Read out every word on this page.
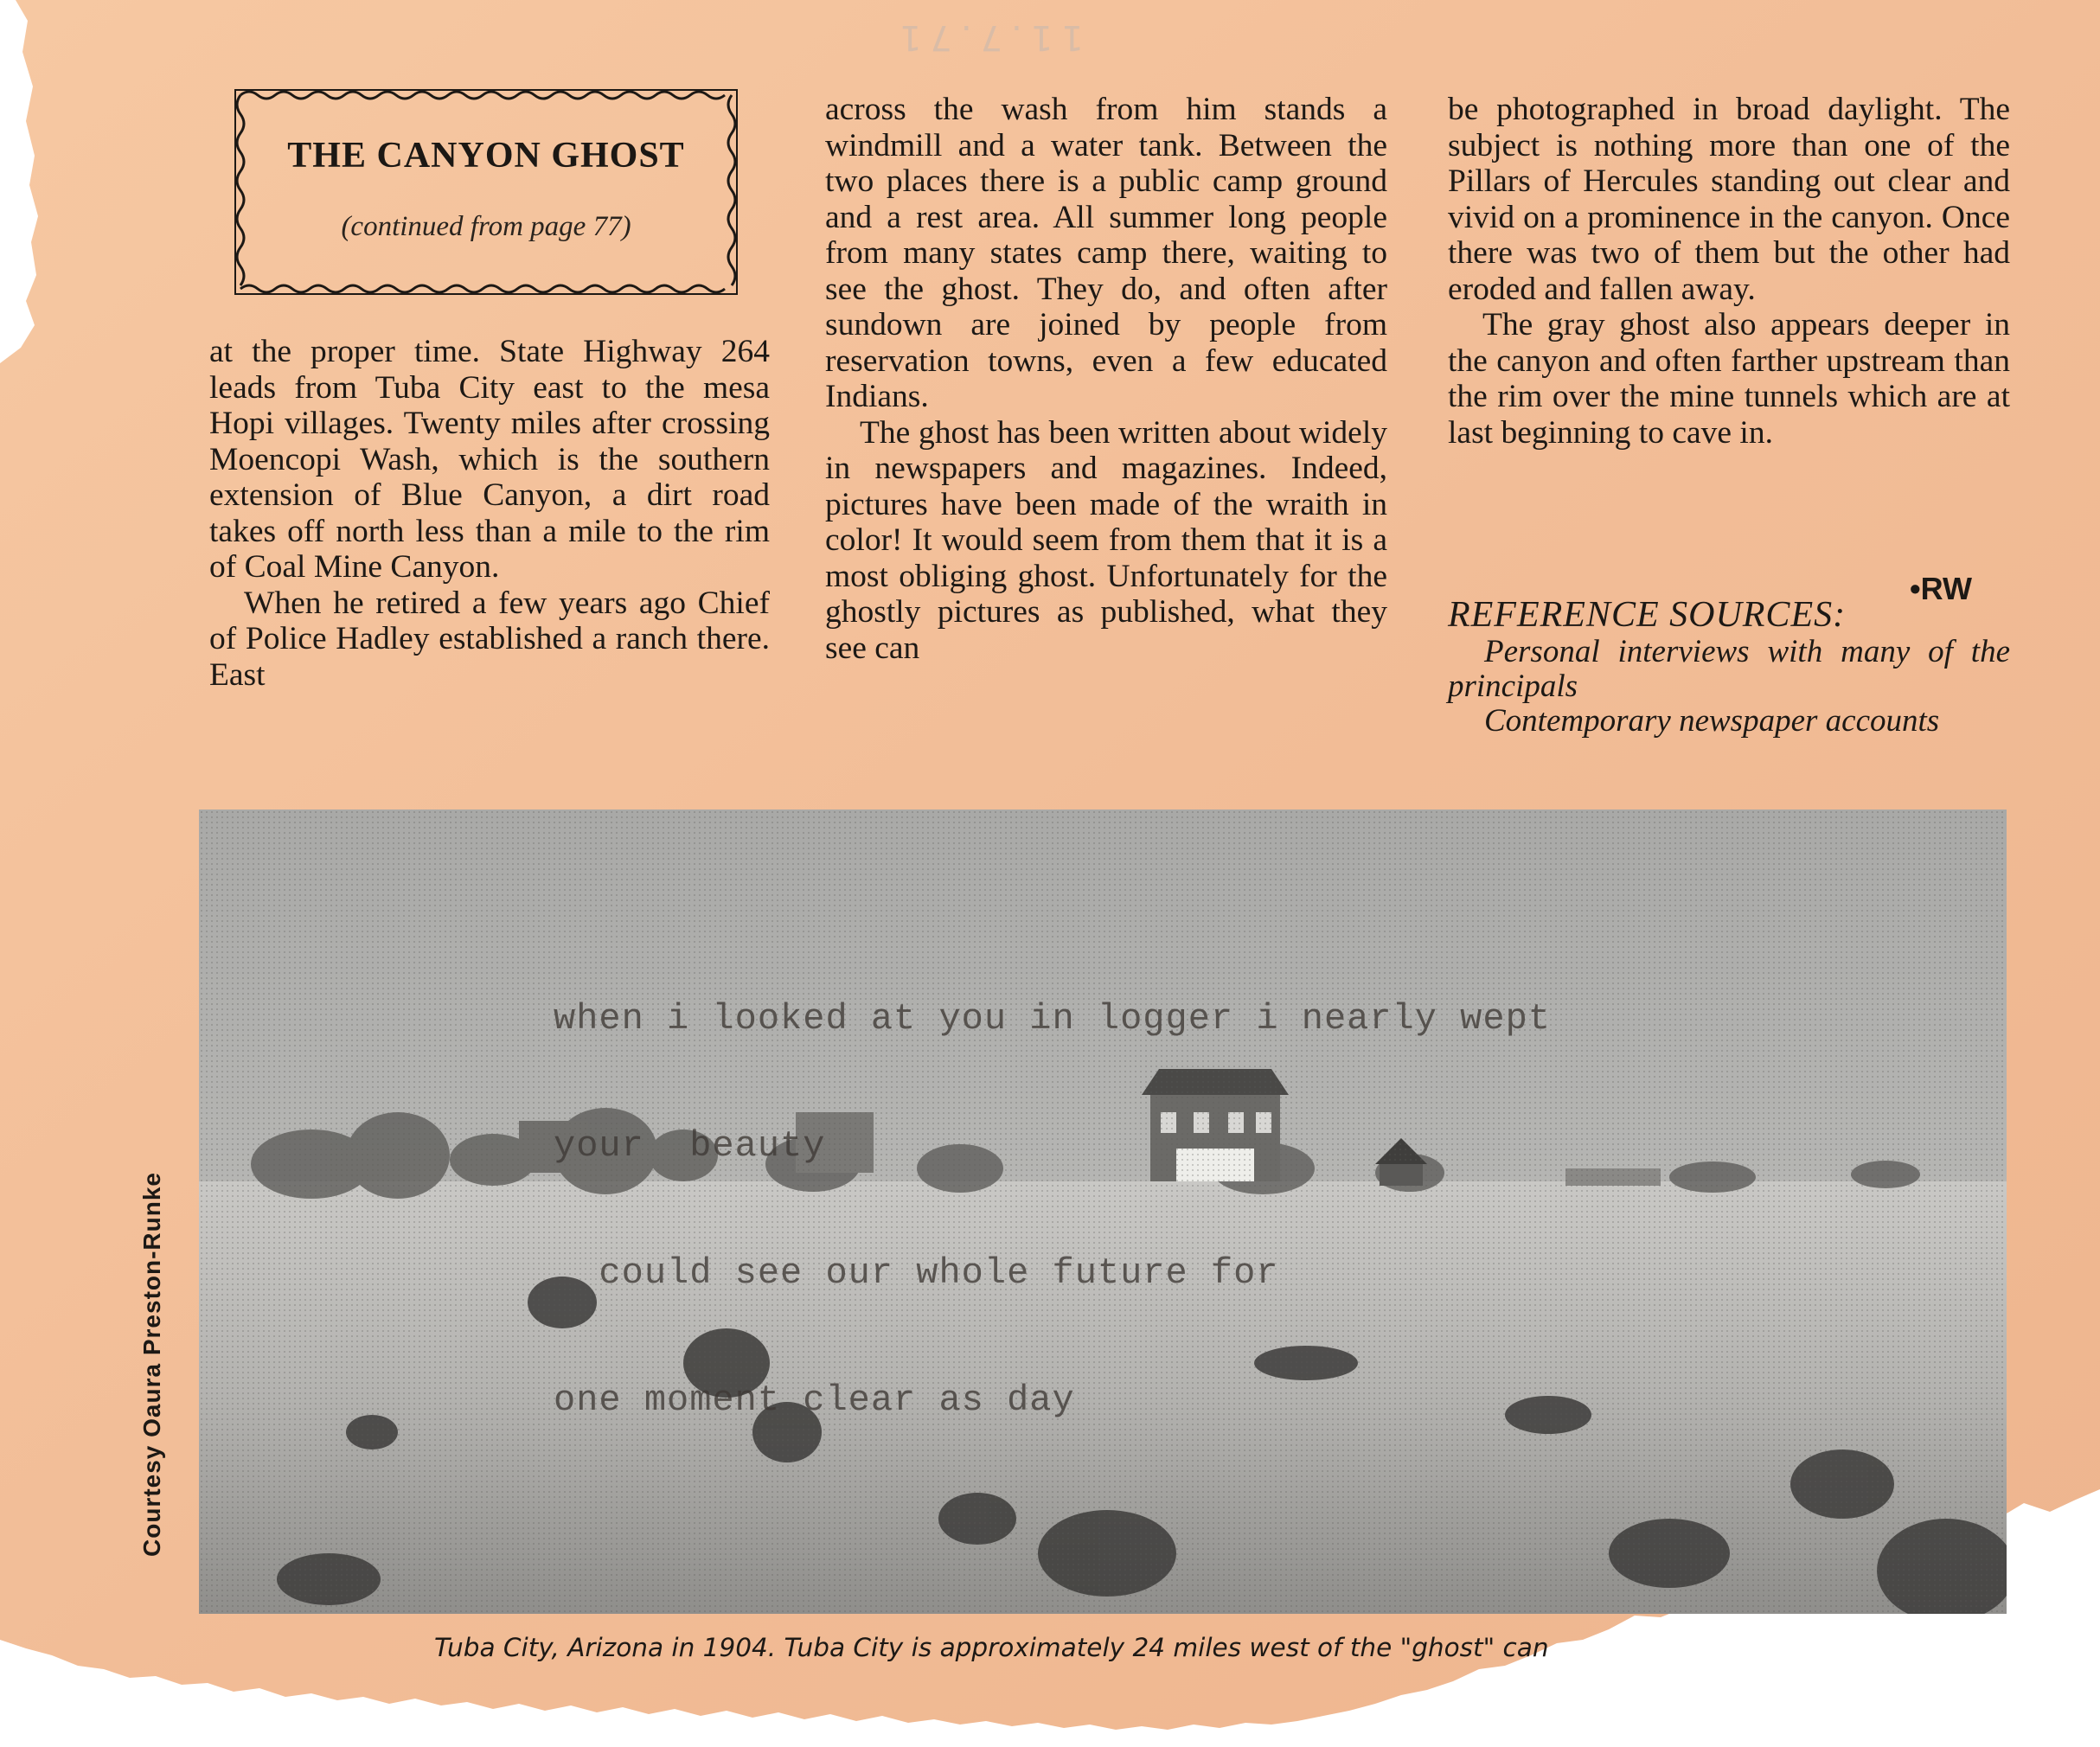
11.7.71
THE CANYON GHOST
(continued from page 77)

at the proper time. State Highway 264 leads from Tuba City east to the mesa Hopi villages. Twenty miles after crossing Moencopi Wash, which is the southern extension of Blue Canyon, a dirt road takes off north less than a mile to the rim of Coal Mine Canyon.

When he retired a few years ago Chief of Police Hadley established a ranch there. East

across the wash from him stands a windmill and a water tank. Between the two places there is a public camp ground and a rest area. All summer long people from many states camp there, waiting to see the ghost. They do, and often after sundown are joined by people from reservation towns, even a few educated Indians.

The ghost has been written about widely in newspapers and magazines. Indeed, pictures have been made of the wraith in color! It would seem from them that it is a most obliging ghost. Unfortunately for the ghostly pictures as published, what they see can

be photographed in broad daylight. The subject is nothing more than one of the Pillars of Hercules standing out clear and vivid on a prominence in the canyon. Once there was two of them but the other had eroded and fallen away.

The gray ghost also appears deeper in the canyon and often farther upstream than the rim over the mine tunnels which are at last beginning to cave in.

•RW

REFERENCE SOURCES:

Personal interviews with many of the principals

Contemporary newspaper accounts

when i looked at you in logger i nearly wept

your  beauty

could see our whole future for

one moment clear as day

Courtesy Oaura Preston-Runke
Tuba City, Arizona in 1904. Tuba City is approximately 24 miles west of the "ghost" can
